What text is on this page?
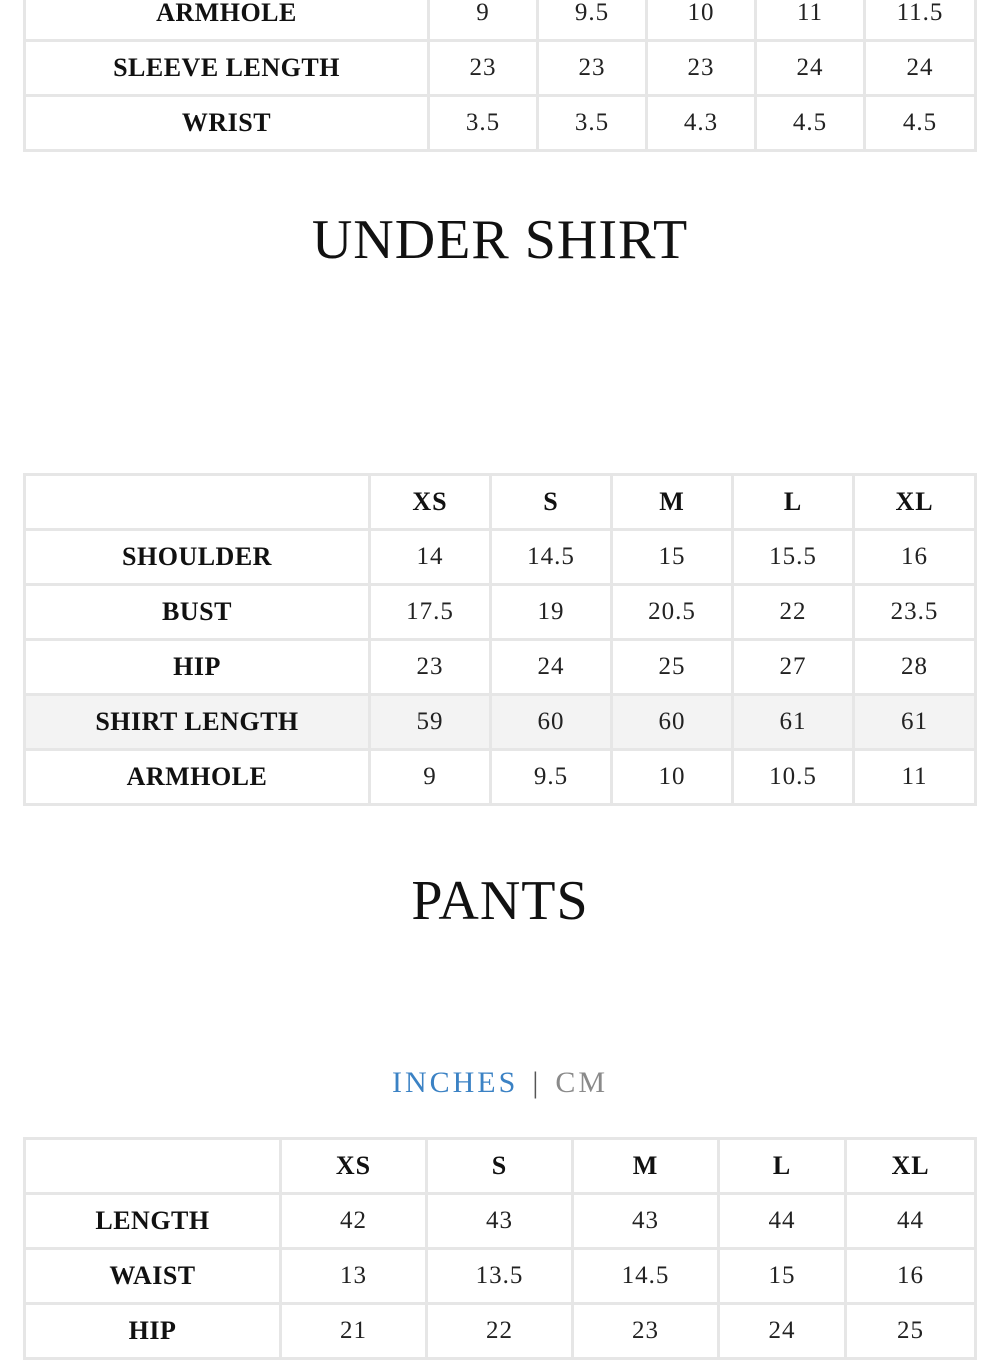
ARMHOLE	9	9.5	10	11	11.5
SLEEVE LENGTH	23	23	23	24	24
WRIST	3.5	3.5	4.3	4.5	4.5
UNDER SHIRT
	XS	S	M	L	XL
SHOULDER	14	14.5	15	15.5	16
BUST	17.5	19	20.5	22	23.5
HIP	23	24	25	27	28
SHIRT LENGTH	59	60	60	61	61
ARMHOLE	9	9.5	10	10.5	11
PANTS
INCHES | CM
	XS	S	M	L	XL
LENGTH	42	43	43	44	44
WAIST	13	13.5	14.5	15	16
HIP	21	22	23	24	25
